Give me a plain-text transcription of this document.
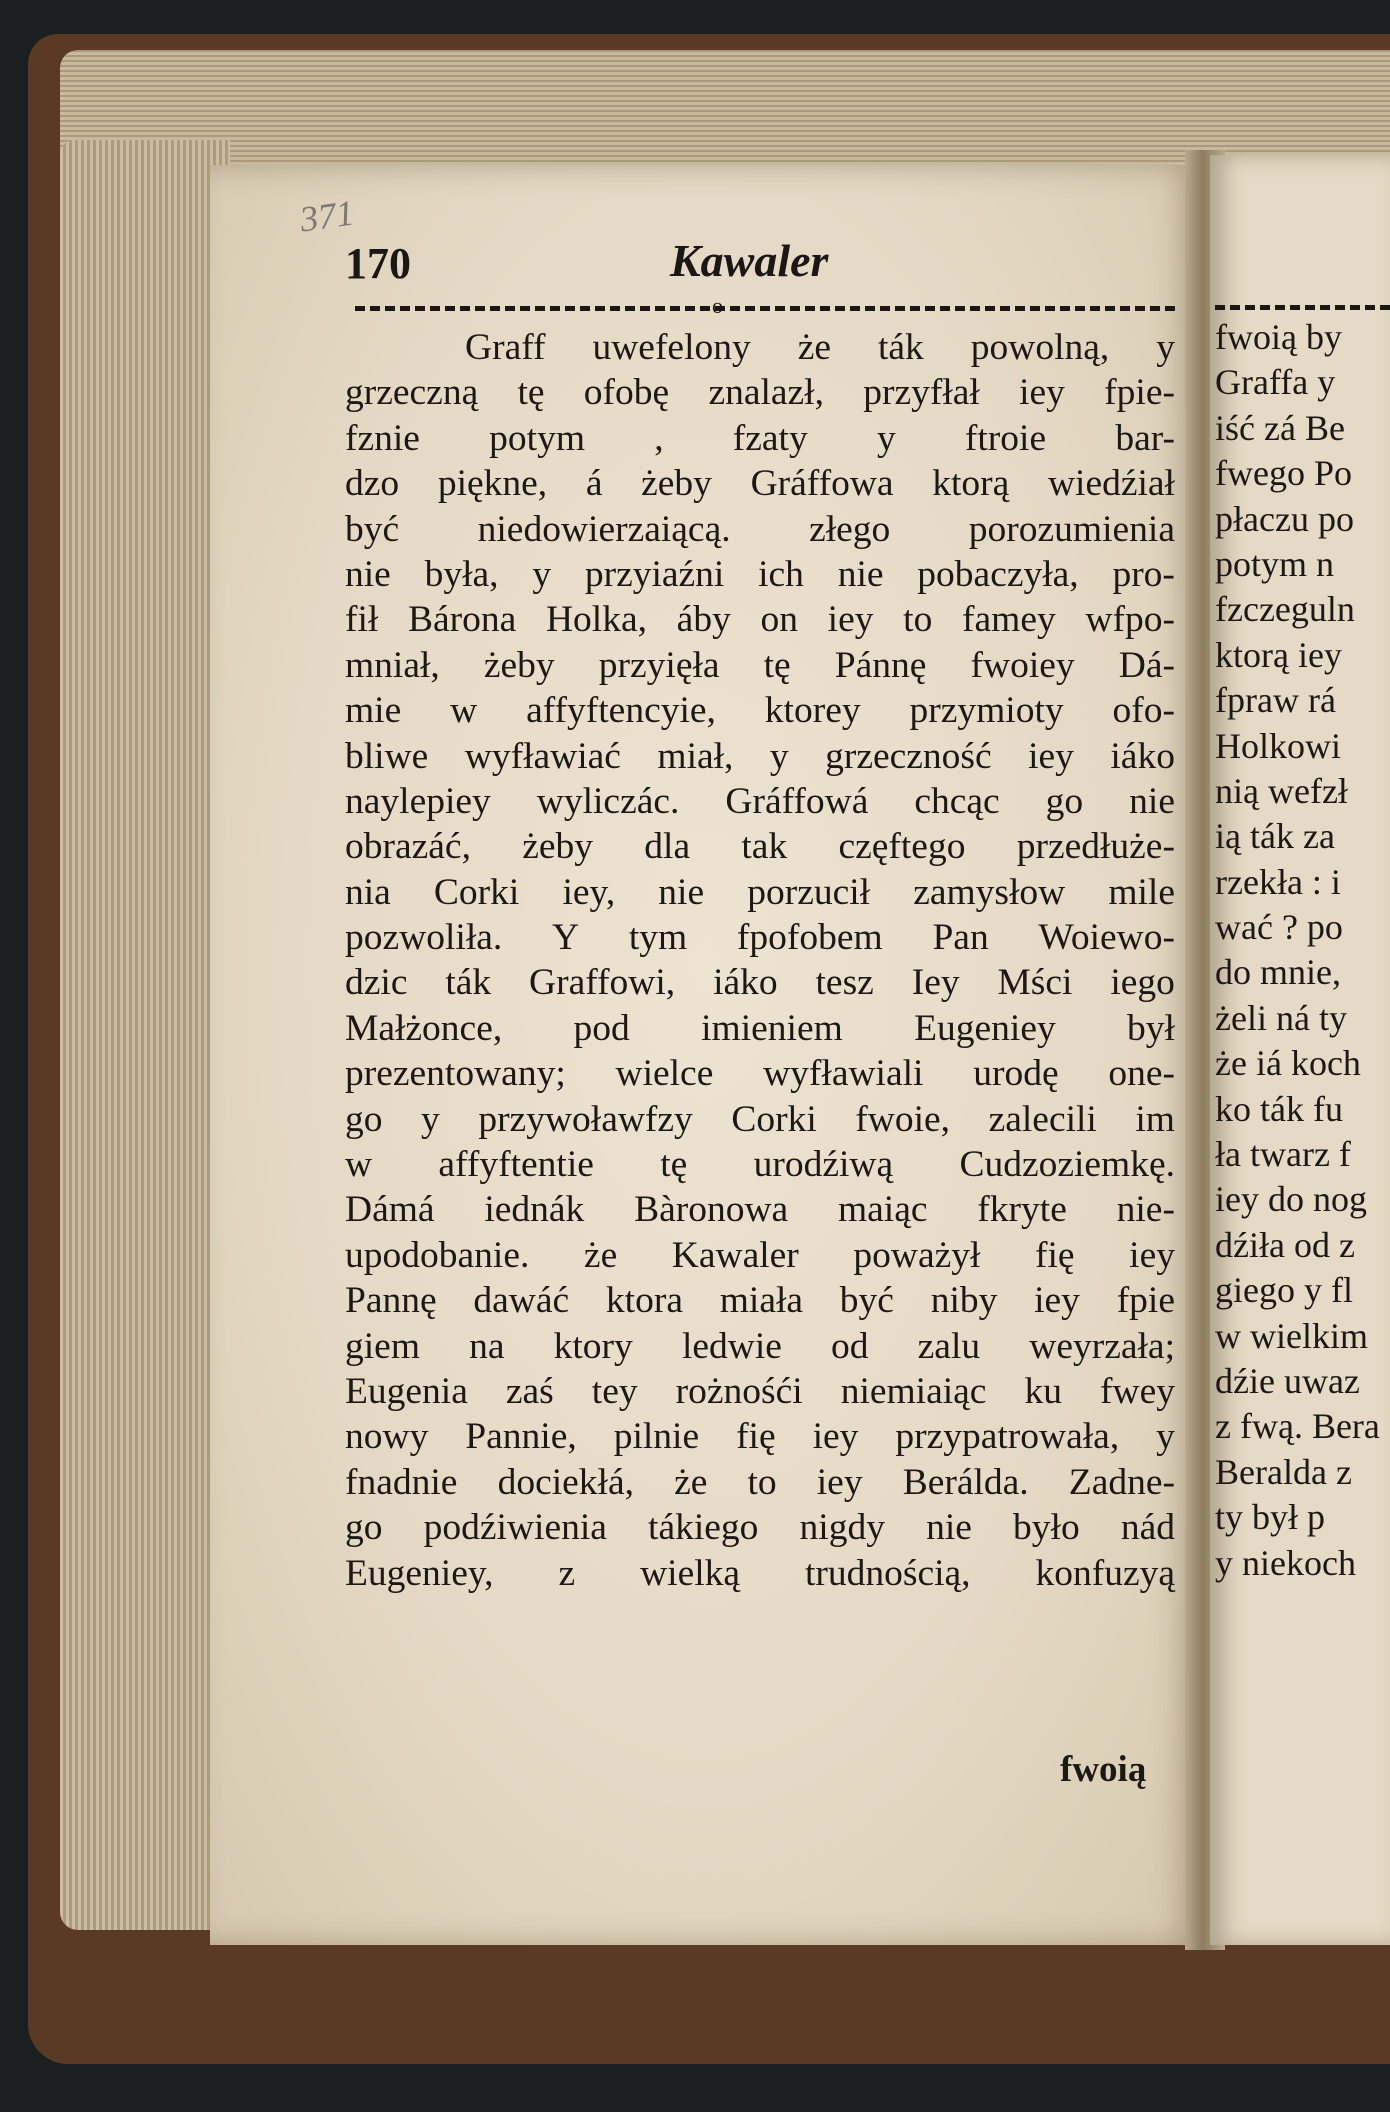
fwoią by
Graffa y
iść zá Be
fwego Po
płaczu po
potym n
fzczeguln
ktorą iey
fpraw rá
Holkowi
nią wefzł
ią ták za
rzekła : i
wać ? po
do mnie,
żeli ná ty
że iá koch
ko ták fu
ła twarz f
iey do nog
dźiła od z
giego y fl
w wielkim
dźie uwaz
z fwą. Bera
Beralda z
ty był p
y niekoch
371
170	Kawaler
o
Graff uwefelony że ták powolną, y
grzeczną tę ofobę znalazł, przyfłał iey fpie-
fznie potym , fzaty y ftroie bar-
dzo piękne, á żeby Gráffowa ktorą wiedźiał
być niedowierzaiącą. złego porozumienia
nie była, y przyiaźni ich nie pobaczyła, pro-
fił Bárona Holka, áby on iey to famey wfpo-
mniał, żeby przyięła tę Pánnę fwoiey Dá-
mie w affyftencyie, ktorey przymioty ofo-
bliwe wyfławiać miał, y grzeczność iey iáko
naylepiey wyliczác. Gráffowá chcąc go nie
obrazáć, żeby dla tak częftego przedłuże-
nia Corki iey, nie porzucił zamysłow mile
pozwoliła. Y tym fpofobem Pan Woiewo-
dzic ták Graffowi, iáko tesz Iey Mści iego
Małżonce, pod imieniem Eugeniey był
prezentowany; wielce wyfławiali urodę one-
go y przywoławfzy Corki fwoie, zalecili im
w affyftentie tę urodźiwą Cudzoziemkę.
Dámá iednák Bàronowa maiąc fkryte nie-
upodobanie. że Kawaler poważył fię iey
Pannę dawáć ktora miała być niby iey fpie
giem na ktory ledwie od zalu weyrzała;
Eugenia zaś tey rożnośći niemiaiąc ku fwey
nowy Pannie, pilnie fię iey przypatrowała, y
fnadnie dociekłá, że to iey Berálda. Zadne-
go podźiwienia tákiego nigdy nie było nád
Eugeniey, z wielką trudnością, konfuzyą
fwoią
